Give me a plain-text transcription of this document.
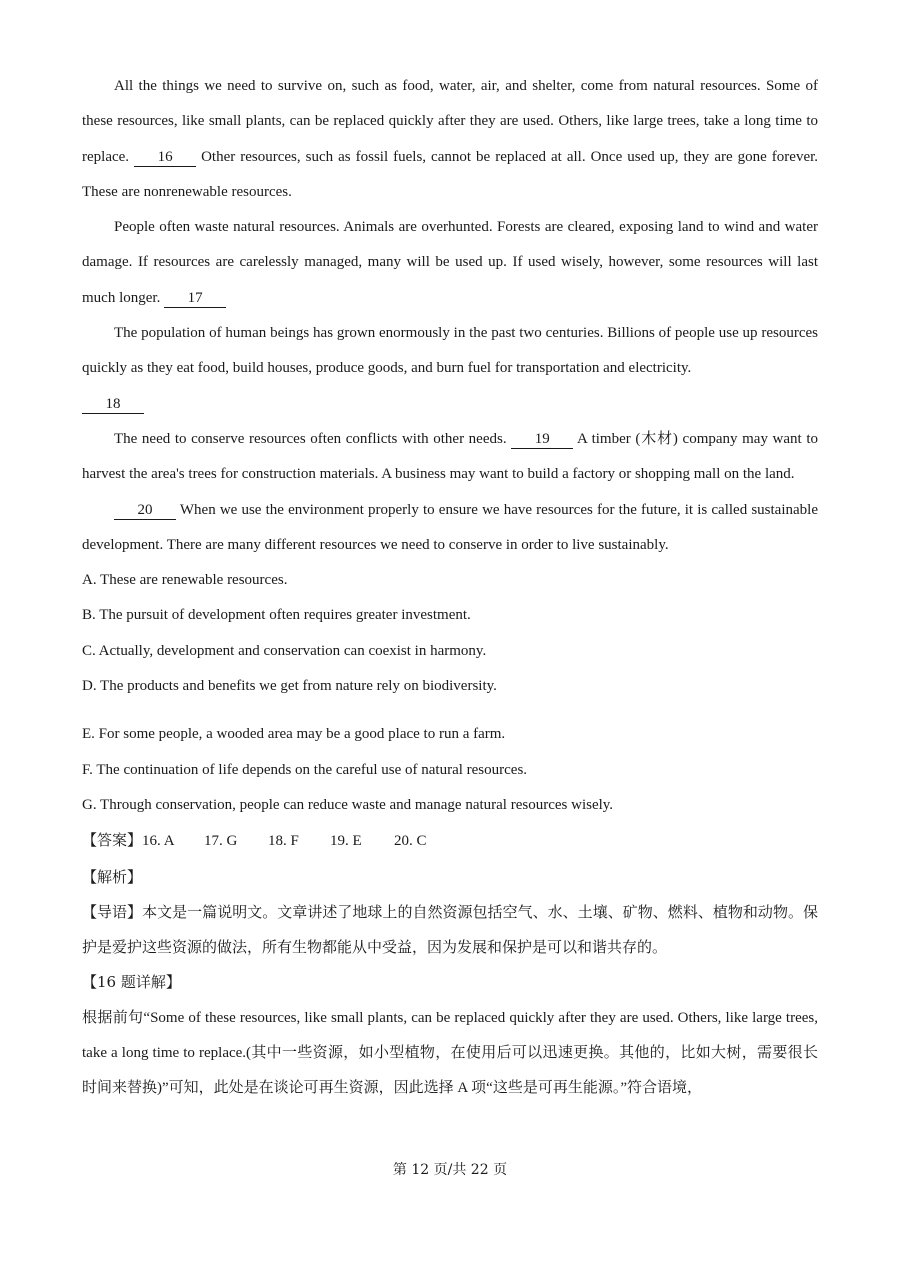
All the things we need to survive on, such as food, water, air, and shelter, come from natural resources. Some of these resources, like small plants, can be replaced quickly after they are used. Others, like large trees, take a long time to replace. 16 Other resources, such as fossil fuels, cannot be replaced at all. Once used up, they are gone forever. These are nonrenewable resources.

People often waste natural resources. Animals are overhunted. Forests are cleared, exposing land to wind and water damage. If resources are carelessly managed, many will be used up. If used wisely, however, some resources will last much longer. 17

The population of human beings has grown enormously in the past two centuries. Billions of people use up resources quickly as they eat food, build houses, produce goods, and burn fuel for transportation and electricity.
18

The need to conserve resources often conflicts with other needs. 19 A timber (木材) company may want to harvest the area's trees for construction materials. A business may want to build a factory or shopping mall on the land.

20 When we use the environment properly to ensure we have resources for the future, it is called sustainable development. There are many different resources we need to conserve in order to live sustainably.

A. These are renewable resources.

B. The pursuit of development often requires greater investment.

C. Actually, development and conservation can coexist in harmony.

D. The products and benefits we get from nature rely on biodiversity.

E. For some people, a wooded area may be a good place to run a farm.

F. The continuation of life depends on the careful use of natural resources.

G. Through conservation, people can reduce waste and manage natural resources wisely.

【答案】16. A 17. G 18. F 19. E 20. C

【解析】

【导语】本文是一篇说明文。文章讲述了地球上的自然资源包括空气、水、土壤、矿物、燃料、植物和动物。保护是爱护这些资源的做法，所有生物都能从中受益，因为发展和保护是可以和谐共存的。

【16 题详解】

根据前句“Some of these resources, like small plants, can be replaced quickly after they are used. Others, like large trees, take a long time to replace.(其中一些资源，如小型植物，在使用后可以迅速更换。其他的，比如大树，需要很长时间来替换)”可知，此处是在谈论可再生资源，因此选择 A 项“这些是可再生能源。”符合语境，

第 12 页/共 22 页
